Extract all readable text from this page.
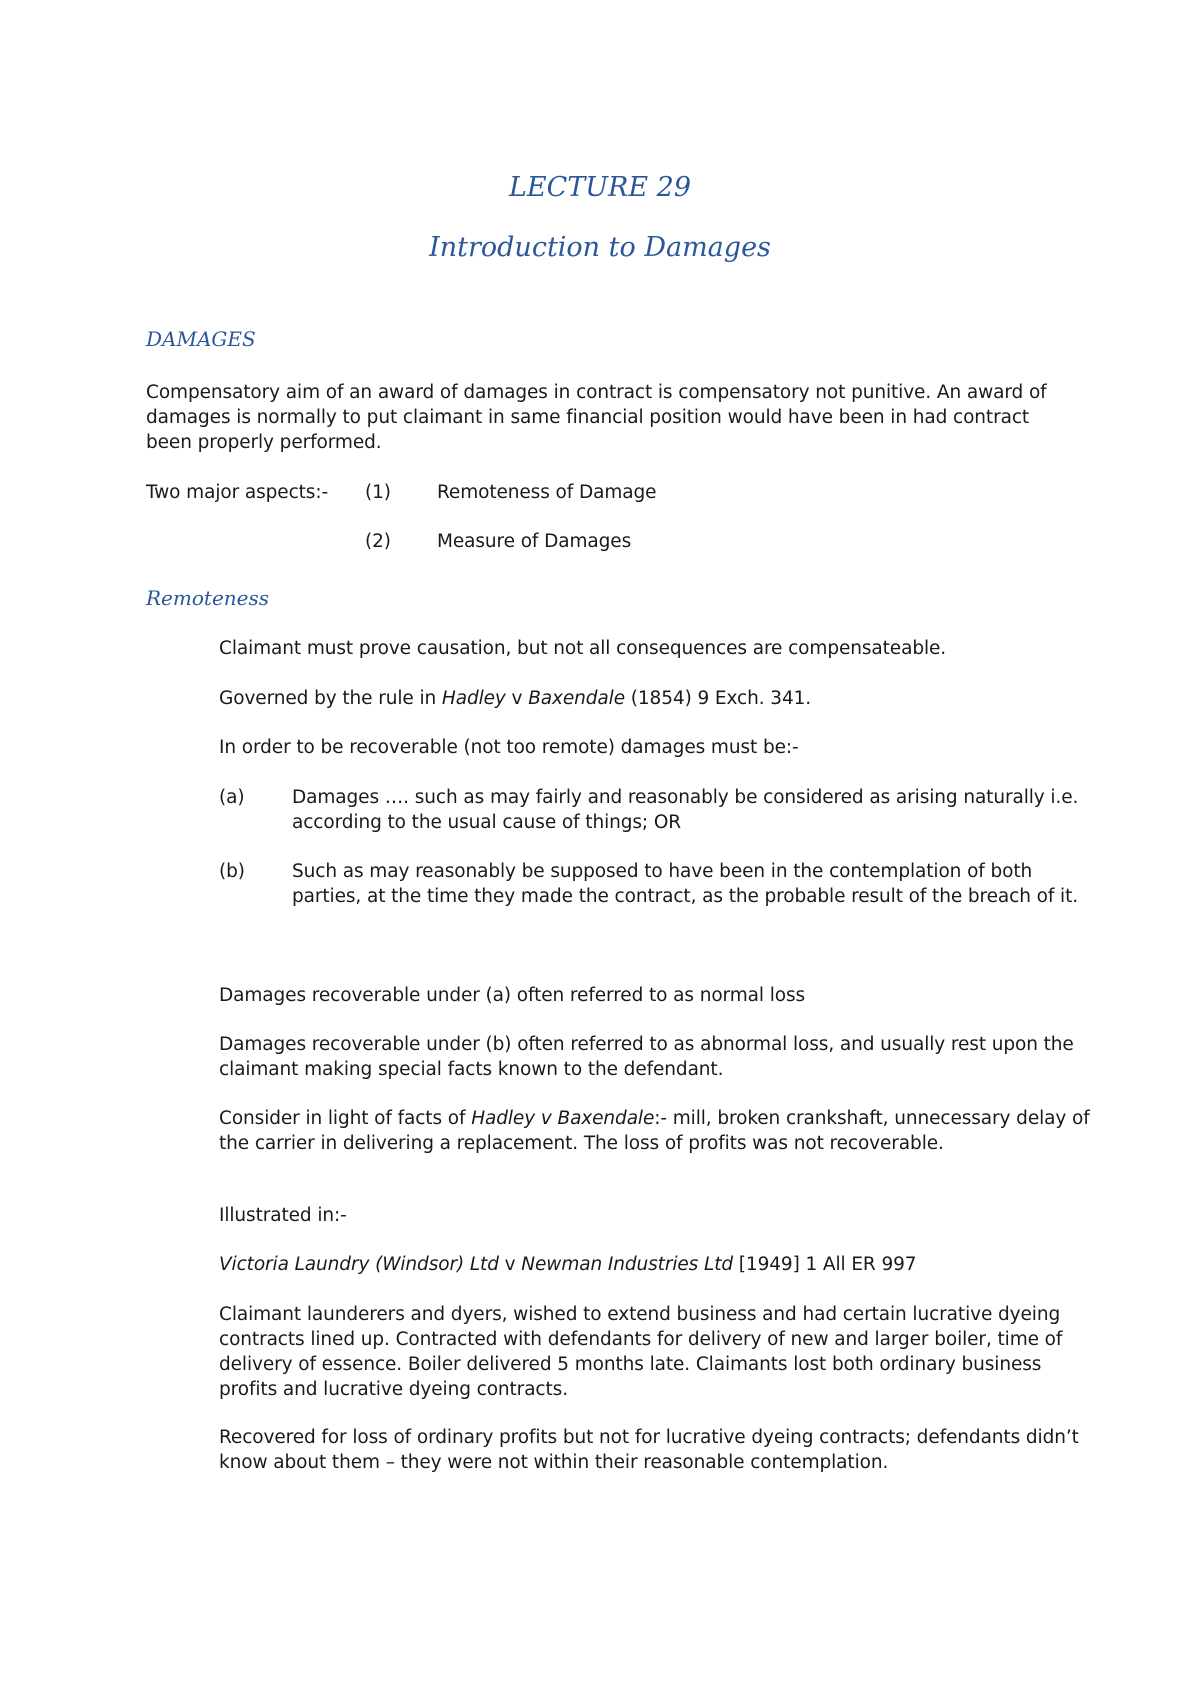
LECTURE 29
Introduction to Damages
DAMAGES

Compensatory aim of an award of damages in contract is compensatory not punitive. An award of damages is normally to put claimant in same financial position would have been in had contract been properly performed.

Two major aspects:- (1) Remoteness of Damage
(2) Measure of Damages
Remoteness

Claimant must prove causation, but not all consequences are compensateable.

Governed by the rule in Hadley v Baxendale (1854) 9 Exch. 341.

In order to be recoverable (not too remote) damages must be:-

(a)	Damages …. such as may fairly and reasonably be considered as arising naturally i.e. according to the usual cause of things; OR

(b)	Such as may reasonably be supposed to have been in the contemplation of both parties, at the time they made the contract, as the probable result of the breach of it.

Damages recoverable under (a) often referred to as normal loss

Damages recoverable under (b) often referred to as abnormal loss, and usually rest upon the claimant making special facts known to the defendant.

Consider in light of facts of Hadley v Baxendale:- mill, broken crankshaft, unnecessary delay of the carrier in delivering a replacement. The loss of profits was not recoverable.

Illustrated in:-

Victoria Laundry (Windsor) Ltd v Newman Industries Ltd [1949] 1 All ER 997

Claimant launderers and dyers, wished to extend business and had certain lucrative dyeing contracts lined up. Contracted with defendants for delivery of new and larger boiler, time of delivery of essence. Boiler delivered 5 months late. Claimants lost both ordinary business profits and lucrative dyeing contracts.

Recovered for loss of ordinary profits but not for lucrative dyeing contracts; defendants didn’t know about them – they were not within their reasonable contemplation.
